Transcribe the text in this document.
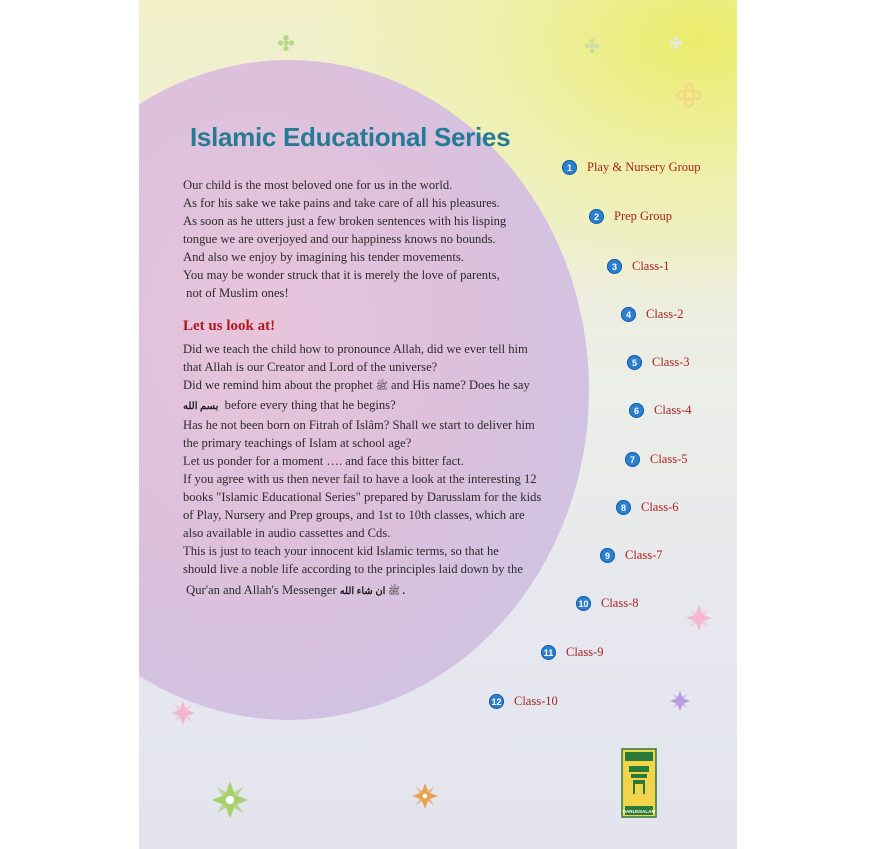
Islamic Educational Series
Our child is the most beloved one for us in the world.
As for his sake we take pains and take care of all his pleasures.
As soon as he utters just a few broken sentences with his lisping
tongue we are overjoyed and our happiness knows no bounds.
And also we enjoy by imagining his tender movements.
You may be wonder struck that it is merely the love of parents,
not of Muslim ones!
Let us look at!
Did we teach the child how to pronounce Allah, did we ever tell him
that Allah is our Creator and Lord of the universe?
Did we remind him about the prophet ﷺ and His name? Does he say
بسم الله  before every thing that he begins?
Has he not been born on Fitrah of Islâm? Shall we start to deliver him
the primary teachings of Islam at school age?
Let us ponder for a moment …. and face this bitter fact.
If you agree with us then never fail to have a look at the interesting 12
books "Islamic Educational Series" prepared by Darusslam for the kids
of Play, Nursery and Prep groups, and 1st to 10th classes, which are
also available in audio cassettes and Cds.
This is just to teach your innocent kid Islamic terms, so that he
should live a noble life according to the principles laid down by the
Qur'an and Allah's Messenger	ﷺ ان شاء الله .
1	Play & Nursery Group
2	Prep Group
3	Class-1
4	Class-2
5	Class-3
6	Class-4
7	Class-5
8	Class-6
9	Class-7
10 Class-8
11 Class-9
12 Class-10
DARUSSALAM
